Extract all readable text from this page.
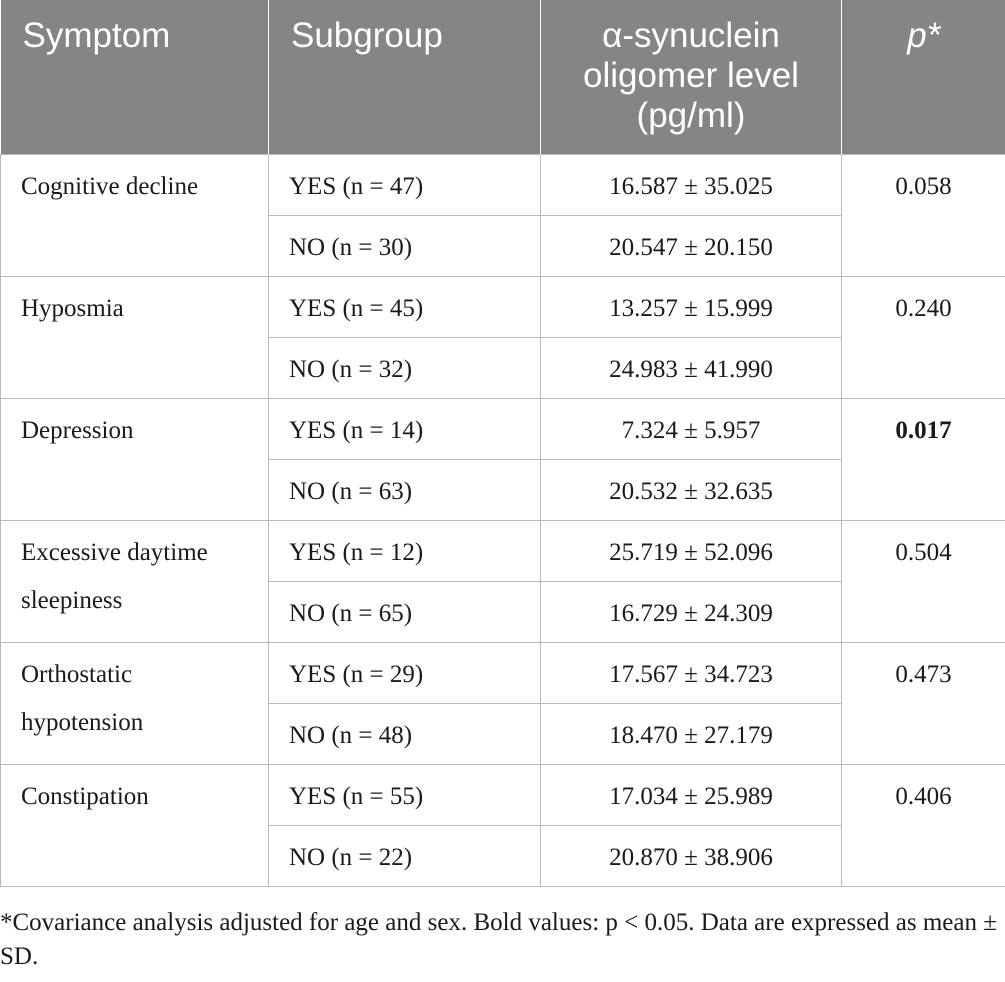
Symptom	Subgroup	α-synuclein
oligomer level
(pg/ml)	p*

Cognitive decline	YES (n = 47)	16.587 ± 35.025	0.058
	NO (n = 30)	20.547 ± 20.150	

Hyposmia	YES (n = 45)	13.257 ± 15.999	0.240
	NO (n = 32)	24.983 ± 41.990	

Depression	YES (n = 14)	7.324 ± 5.957	0.017
	NO (n = 63)	20.532 ± 32.635	

Excessive daytime
sleepiness	YES (n = 12)	25.719 ± 52.096	0.504
	NO (n = 65)	16.729 ± 24.309	

Orthostatic
hypotension	YES (n = 29)	17.567 ± 34.723	0.473
	NO (n = 48)	18.470 ± 27.179	

Constipation	YES (n = 55)	17.034 ± 25.989	0.406
	NO (n = 22)	20.870 ± 38.906	
*Covariance analysis adjusted for age and sex. Bold values: p < 0.05. Data are expressed as mean ± SD.
